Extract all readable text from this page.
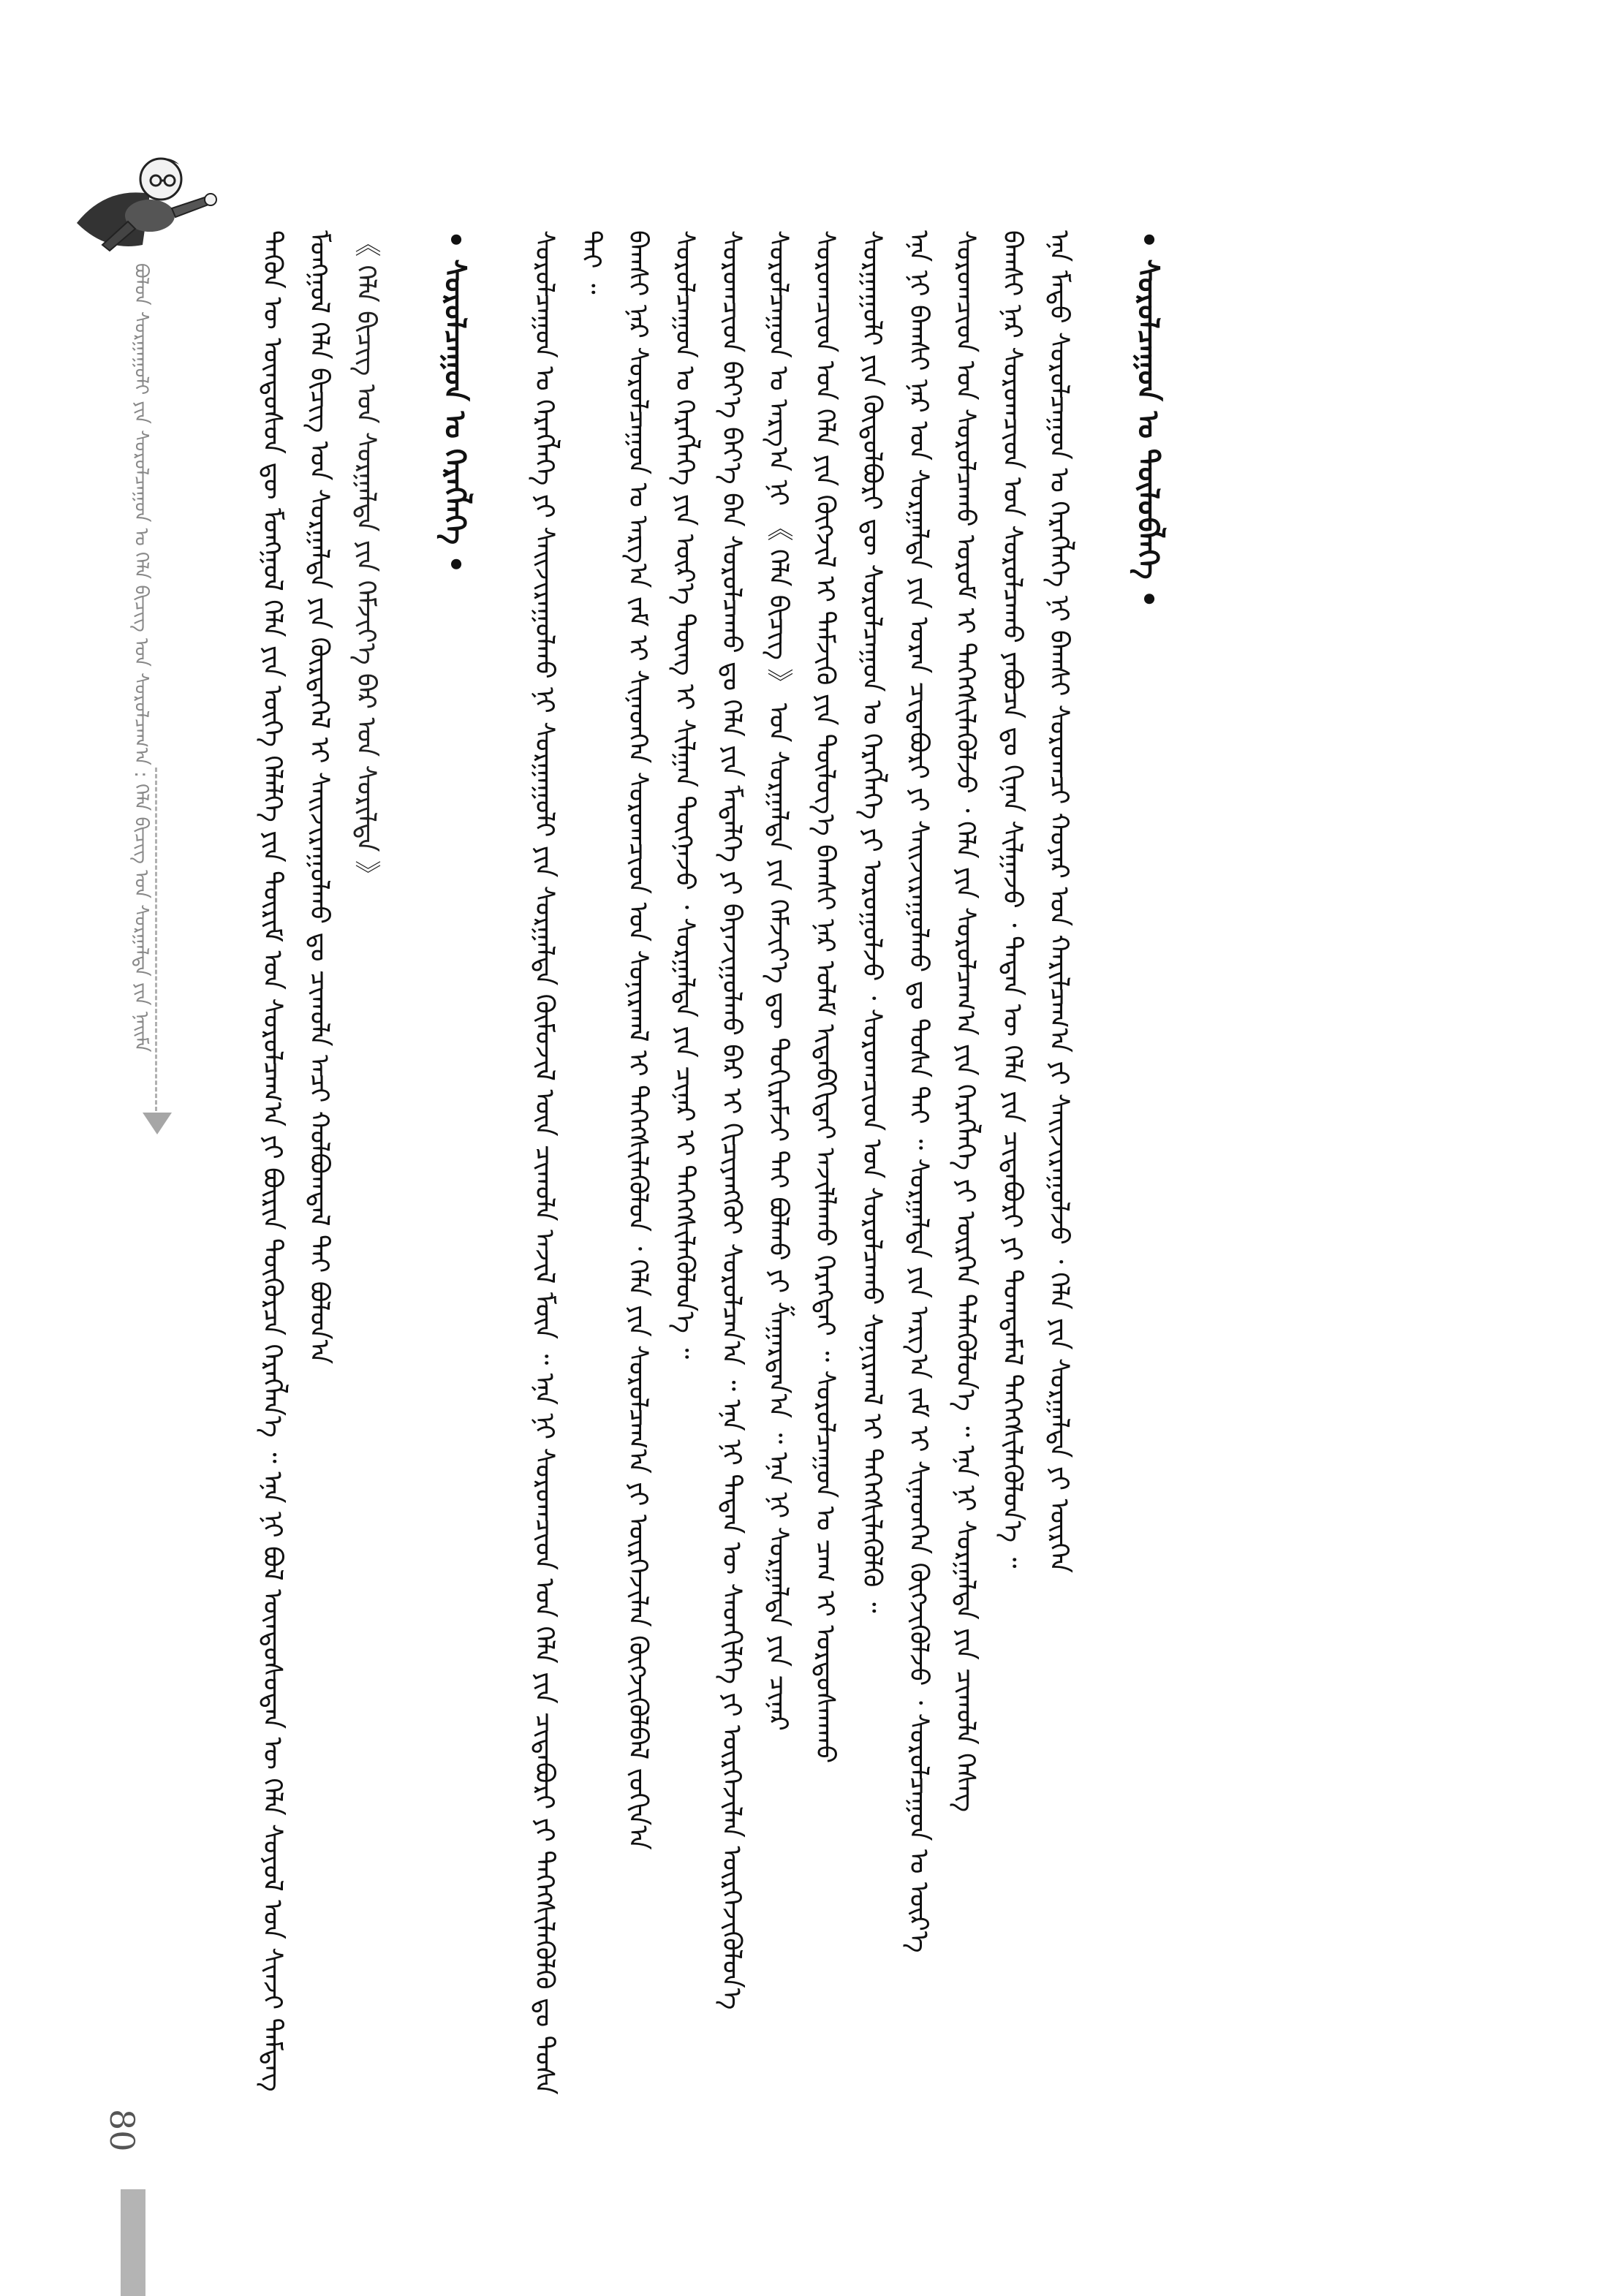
ᠪᠣᠯᠤᠨ ᠰᠤᠷᠭᠠᠭᠤᠯᠢ ᠶᠢᠨ ᠰᠤᠷᠤᠯᠴᠠᠭᠤᠨ ᠤ ᠬᠡᠯᠡ ᠪᠢᠴᠢᠭ ᠤᠨ ᠰᠤᠷᠤᠯᠴᠠᠭ᠎ᠠ : ᠬᠡᠯᠡ ᠪᠢᠴᠢᠭ ᠤᠨ ᠰᠤᠷᠭᠠᠯᠲᠠ ᠶᠢᠨ ᠨᠠᠢᠮᠠ
80
ᠲᠡᠭᠦᠨ ᠦ ᠦᠨᠳᠦᠰᠦᠨ ᠳᠦ ᠮᠣᠩᠭᠣᠯ ᠬᠡᠯᠡ ᠶᠢᠨ ᠦᠭᠡ ᠬᠡᠯᠡᠯᠭᠡ ᠶᠢᠨ ᠳᠦᠷᠢᠮ ᠤᠨ ᠰᠤᠷᠤᠯᠴᠠᠭ᠎ᠠ ᠶᠢ ᠪᠦᠷᠢᠨ ᠳᠦᠭᠦᠷᠴᠡ ᠬᠡᠷᠡᠭᠯᠡᠨ᠎ᠡ ᠃ ᠡᠨᠡ ᠨᠢ ᠪᠣᠯ ᠦᠨᠳᠦᠰᠦᠲᠡᠨ ᠦ ᠬᠡᠯᠡ ᠰᠣᠶᠤᠯ ᠤᠨ ᠰᠢᠨᠵᠢ ᠲᠡᠮᠳᠡᠭ ᠮᠣᠩᠭᠣᠯ ᠬᠡᠯᠡ ᠪᠢᠴᠢᠭ ᠤᠨ ᠰᠤᠷᠭᠠᠯᠲᠠ ᠶᠢᠨ ᠬᠦᠷᠲᠡᠭᠡᠯ ᠢ ᠰᠠᠢᠵᠢᠷᠠᠭᠤᠯᠬᠤ ᠳᠤ ᠴᠢᠬᠤᠯᠠ ᠠᠴᠢ ᠬᠣᠯᠪᠣᠭᠳᠠᠯ ᠲᠠᠢ ᠪᠣᠯᠤᠨ᠎ᠠ 《 ᠬᠡᠯᠡ ᠪᠢᠴᠢᠭ ᠤᠨ ᠰᠤᠷᠭᠠᠯᠲᠠ ᠶᠢᠨ ᠬᠡᠮᠵᠢᠶ᠎ᠡ ᠪᠠᠷ ᠤᠨ ᠰᠣᠷᠢᠯᠲᠠ 》	• ᠰᠤᠷᠤᠯᠴᠠᠭᠤᠨ ᠤ ᠬᠡᠷᠡᠭᠯᠡᠭᠡ •	ᠰᠤᠷᠤᠯᠴᠠᠭᠤᠨ ᠤ ᠬᠡᠷᠡᠭᠯᠡᠭᠡ ᠶᠢ ᠰᠠᠢᠵᠢᠷᠠᠭᠤᠯᠬᠤ ᠨᠢ ᠰᠤᠷᠭᠠᠭᠤᠯᠢ ᠶᠢᠨ ᠰᠤᠷᠭᠠᠯᠲᠠ ᠬᠦᠮᠦᠵᠢᠯ ᠦᠨ ᠴᠢᠬᠤᠯᠠ ᠠᠵᠢᠯ ᠮᠦᠨ ᠃ ᠡᠨᠡ ᠨᠢ ᠰᠤᠷᠤᠭᠴᠢᠳ ᠤᠨ ᠬᠡᠯᠡ ᠶᠢᠨ ᠴᠢᠳᠠᠪᠤᠷᠢ ᠶᠢ ᠳᠡᠭᠡᠭᠰᠢᠯᠡᠭᠦᠯᠬᠦ ᠳᠤ ᠲᠤᠰᠠ ᠲᠠᠢ ᠃ ᠪᠠᠭᠰᠢ ᠨᠠᠷ ᠰᠤᠷᠤᠯᠴᠠᠭᠤᠨ ᠤ ᠠᠷᠭ᠎ᠠ ᠵᠠᠮ ᠢ ᠰᠢᠨᠡᠳᠬᠡᠨ ᠰᠤᠷᠤᠭᠴᠢᠳ ᠤᠨ ᠰᠣᠨᠢᠷᠬᠠᠯ ᠢ ᠳᠡᠭᠡᠭᠰᠢᠯᠡᠭᠦᠯᠦᠨ ᠂ ᠬᠡᠯᠡ ᠶᠢᠨ ᠰᠤᠷᠤᠯᠴᠠᠭ᠎ᠠ ᠶᠢ ᠦᠷᠭᠡᠵᠢᠯᠡᠨ ᠬᠥᠭᠵᠢᠭᠦᠯᠪᠡᠯ ᠵᠤᠬᠢᠨ᠎ᠠ ᠰᠤᠷᠤᠯᠴᠠᠭᠤᠨ ᠤ ᠬᠡᠷᠡᠭᠯᠡᠭᠡ ᠶᠢᠨ ᠦᠷ᠎ᠡ ᠳᠦᠩ ᠢ ᠰᠢᠯᠭᠠᠨ ᠳᠦᠭᠨᠡᠵᠦ ᠂ ᠰᠤᠷᠭᠠᠯᠲᠠ ᠶᠢᠨ ᠴᠢᠨᠠᠷ ᠢ ᠳᠡᠭᠡᠭᠰᠢᠯᠡᠭᠦᠯᠦᠨ᠎ᠡ ᠃ ᠰᠤᠷᠤᠭᠴᠢᠳ ᠪᠡᠶ᠎ᠡ ᠪᠡᠶ᠎ᠡ ᠪᠡᠨ ᠰᠤᠷᠤᠯᠴᠠᠬᠤ ᠳᠤ ᠬᠡᠯᠡ ᠶᠢᠨ ᠮᠡᠳᠡᠯᠭᠡ ᠶᠢ ᠪᠠᠶᠠᠵᠢᠭᠤᠯᠬᠤ ᠪᠡᠷ ᠢ ᠬᠢᠴᠢᠶᠡᠩᠭᠦᠢ ᠰᠤᠷᠤᠯᠴᠠᠨ᠎ᠠ ᠃ ᠡᠨᠡ ᠨᠢ ᠲᠡᠳᠡᠨ ᠦ ᠰᠡᠳᠬᠢᠯᠭᠡ ᠶᠢ ᠦᠷᠭᠡᠵᠢᠯᠡᠨ ᠥᠷᠭᠡᠵᠢᠭᠦᠯᠦᠨ᠎ᠡ ᠰᠤᠷᠤᠯᠴᠠᠭᠤᠨ ᠤ ᠠᠷᠭ᠎ᠠ ᠨᠢ 《 ᠬᠡᠯᠡ ᠪᠢᠴᠢᠭ 》 ᠤᠨ ᠰᠤᠷᠭᠠᠯᠲᠠ ᠶᠢᠨ ᠬᠡᠮᠵᠢᠶ᠎ᠡ ᠳᠦ ᠲᠣᠬᠢᠷᠠᠮᠵᠢ ᠲᠠᠢ ᠪᠣᠯᠬᠤ ᠶᠢ ᠱᠠᠭᠠᠷᠳᠠᠨ᠎ᠠ ᠃ ᠡᠨᠡ ᠨᠢ ᠰᠤᠷᠭᠠᠯᠲᠠ ᠶᠢᠨ ᠴᠢᠨᠠᠷ ᠰᠤᠷᠤᠭᠴᠢᠳ ᠤᠨ ᠬᠡᠯᠡ ᠶᠢᠨ ᠬᠥᠭᠵᠢᠯ ᠢ ᠳᠡᠮᠵᠢᠬᠦ ᠶᠢᠨ ᠲᠥᠯᠥᠭ᠎ᠡ ᠪᠠᠭᠰᠢ ᠨᠠᠷ ᠤᠯᠠᠮ ᠢᠳᠡᠪᠬᠢᠲᠡᠢ ᠠᠵᠢᠯᠯᠠᠬᠤ ᠬᠡᠷᠡᠭᠲᠡᠢ ᠃ ᠰᠤᠷᠤᠯᠴᠠᠭᠤᠨ ᠤ ᠴᠠᠭ ᠢ ᠤᠷᠲᠤᠰᠬᠠᠬᠤ ᠰᠤᠷᠭᠠᠭᠤᠯᠢ ᠶᠢᠨ ᠬᠥᠲᠦᠯᠪᠦᠷᠢ ᠳᠦ ᠰᠤᠷᠤᠯᠴᠠᠭᠤᠨ ᠤ ᠬᠡᠷᠡᠭᠯᠡᠭᠡ ᠶᠢ ᠣᠷᠣᠭᠤᠯᠵᠤ ᠂ ᠰᠤᠷᠤᠭᠴᠢᠳ ᠤᠨ ᠰᠤᠷᠤᠯᠴᠠᠬᠤ ᠰᠣᠨᠢᠷᠬᠠᠯ ᠢ ᠳᠡᠭᠡᠭᠰᠢᠯᠡᠭᠦᠯᠬᠦ ᠃ ᠡᠨᠡ ᠨᠢ ᠪᠠᠭᠰᠢ ᠨᠠᠷ ᠤᠨ ᠰᠤᠷᠭᠠᠯᠲᠠ ᠶᠢᠨ ᠤᠷᠠᠨ ᠴᠢᠳᠠᠪᠤᠷᠢ ᠶᠢ ᠰᠠᠢᠵᠢᠷᠠᠭᠤᠯᠬᠤ ᠳᠤ ᠲᠤᠰᠠ ᠲᠠᠢ ᠃ ᠰᠤᠷᠭᠠᠯᠲᠠ ᠶᠢᠨ ᠠᠷᠭ᠎ᠠ ᠵᠠᠮ ᠢ ᠰᠢᠨᠡᠳᠬᠡᠨ ᠬᠥᠭᠵᠢᠭᠦᠯᠵᠦ ᠂ ᠰᠤᠷᠤᠯᠴᠠᠭᠤᠨ ᠤ ᠦᠷ᠎ᠡ ᠰᠤᠷᠤᠭᠴᠢᠳ ᠤᠨ ᠰᠤᠷᠤᠯᠴᠠᠬᠤ ᠤᠷᠤᠮ ᠢ ᠳᠡᠭᠡᠭᠰᠢᠯᠡᠭᠦᠯᠵᠦ ᠂ ᠬᠡᠯᠡ ᠶᠢᠨ ᠰᠤᠷᠤᠯᠴᠠᠭ᠎ᠠ ᠶᠢᠨ ᠬᠡᠷᠡᠭᠯᠡᠭᠡ ᠶᠢ ᠥᠷᠭᠡᠨ ᠲᠡᠯᠡᠭᠦᠯᠦᠨ᠎ᠡ ᠃ ᠡᠨᠡ ᠨᠢ ᠰᠤᠷᠭᠠᠯᠲᠠ ᠶᠢᠨ ᠴᠢᠬᠤᠯᠠ ᠬᠡᠰᠡᠭ ᠪᠠᠭᠰᠢ ᠨᠠᠷ ᠰᠤᠷᠤᠭᠴᠢᠳ ᠤᠨ ᠰᠤᠷᠤᠯᠴᠠᠬᠤ ᠶᠠᠪᠤᠴᠠ ᠳᠤ ᠬᠢᠨᠠᠨ ᠰᠢᠯᠭᠠᠵᠤ ᠂ ᠲᠡᠳᠡᠨ ᠦ ᠬᠡᠯᠡ ᠶᠢᠨ ᠴᠢᠳᠠᠪᠤᠷᠢ ᠶᠢ ᠲᠣᠭᠲᠠᠮᠠᠯ ᠳᠡᠭᠡᠭᠰᠢᠯᠡᠭᠦᠯᠦᠨ᠎ᠡ ᠃ ᠡᠨᠡ ᠮᠡᠲᠦ ᠰᠤᠷᠤᠯᠴᠠᠭᠤᠨ ᠤ ᠬᠡᠷᠡᠭᠯᠡᠭᠡ ᠨᠢ ᠪᠠᠭᠰᠢ ᠰᠤᠷᠤᠭᠴᠢ ᠬᠣᠶᠠᠷ ᠤᠨ ᠬᠠᠷᠢᠯᠴᠠᠭ᠎ᠠ ᠶᠢ ᠰᠠᠢᠵᠢᠷᠠᠭᠤᠯᠵᠤ ᠂ ᠬᠡᠯᠡ ᠶᠢᠨ ᠰᠤᠷᠭᠠᠯᠲᠠ ᠶᠢ ᠥᠷᠭᠡᠨ	• ᠰᠤᠷᠤᠯᠴᠠᠭᠤᠨ ᠤ ᠲᠥᠯᠥᠪᠯᠡᠭᠡ •
